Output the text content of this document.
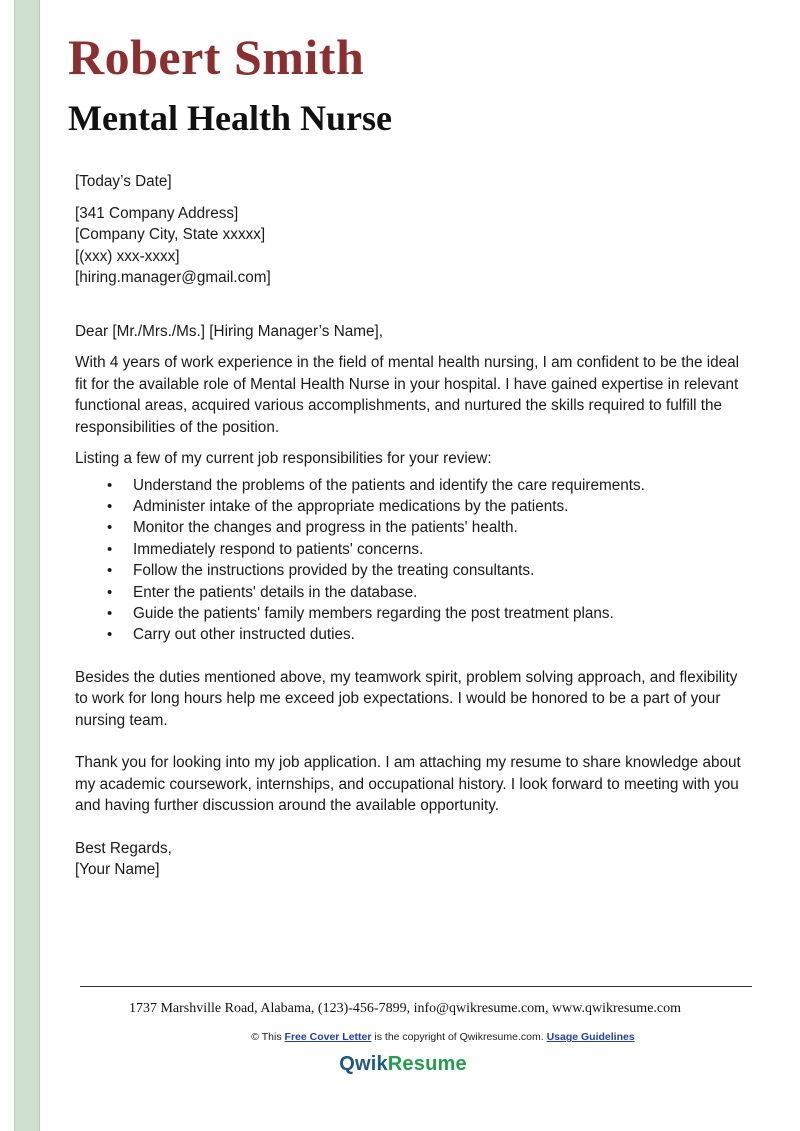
Robert Smith
Mental Health Nurse

[Today’s Date]

[341 Company Address]

[Company City, State xxxxx]

[(xxx) xxx-xxxx]

[hiring.manager@gmail.com]

Dear [Mr./Mrs./Ms.] [Hiring Manager’s Name],

With 4 years of work experience in the field of mental health nursing, I am confident to be the ideal fit for the available role of Mental Health Nurse in your hospital. I have gained expertise in relevant functional areas, acquired various accomplishments, and nurtured the skills required to fulfill the responsibilities of the position.

Listing a few of my current job responsibilities for your review:

• Understand the problems of the patients and identify the care requirements.
• Administer intake of the appropriate medications by the patients.
• Monitor the changes and progress in the patients' health.
• Immediately respond to patients' concerns.
• Follow the instructions provided by the treating consultants.
• Enter the patients' details in the database.
• Guide the patients' family members regarding the post treatment plans.
• Carry out other instructed duties.

Besides the duties mentioned above, my teamwork spirit, problem solving approach, and flexibility to work for long hours help me exceed job expectations. I would be honored to be a part of your nursing team.

Thank you for looking into my job application. I am attaching my resume to share knowledge about my academic coursework, internships, and occupational history. I look forward to meeting with you and having further discussion around the available opportunity.

Best Regards,

[Your Name]

1737 Marshville Road, Alabama, (123)-456-7899, info@qwikresume.com, www.qwikresume.com
© This Free Cover Letter is the copyright of Qwikresume.com. Usage Guidelines
QwikResume
